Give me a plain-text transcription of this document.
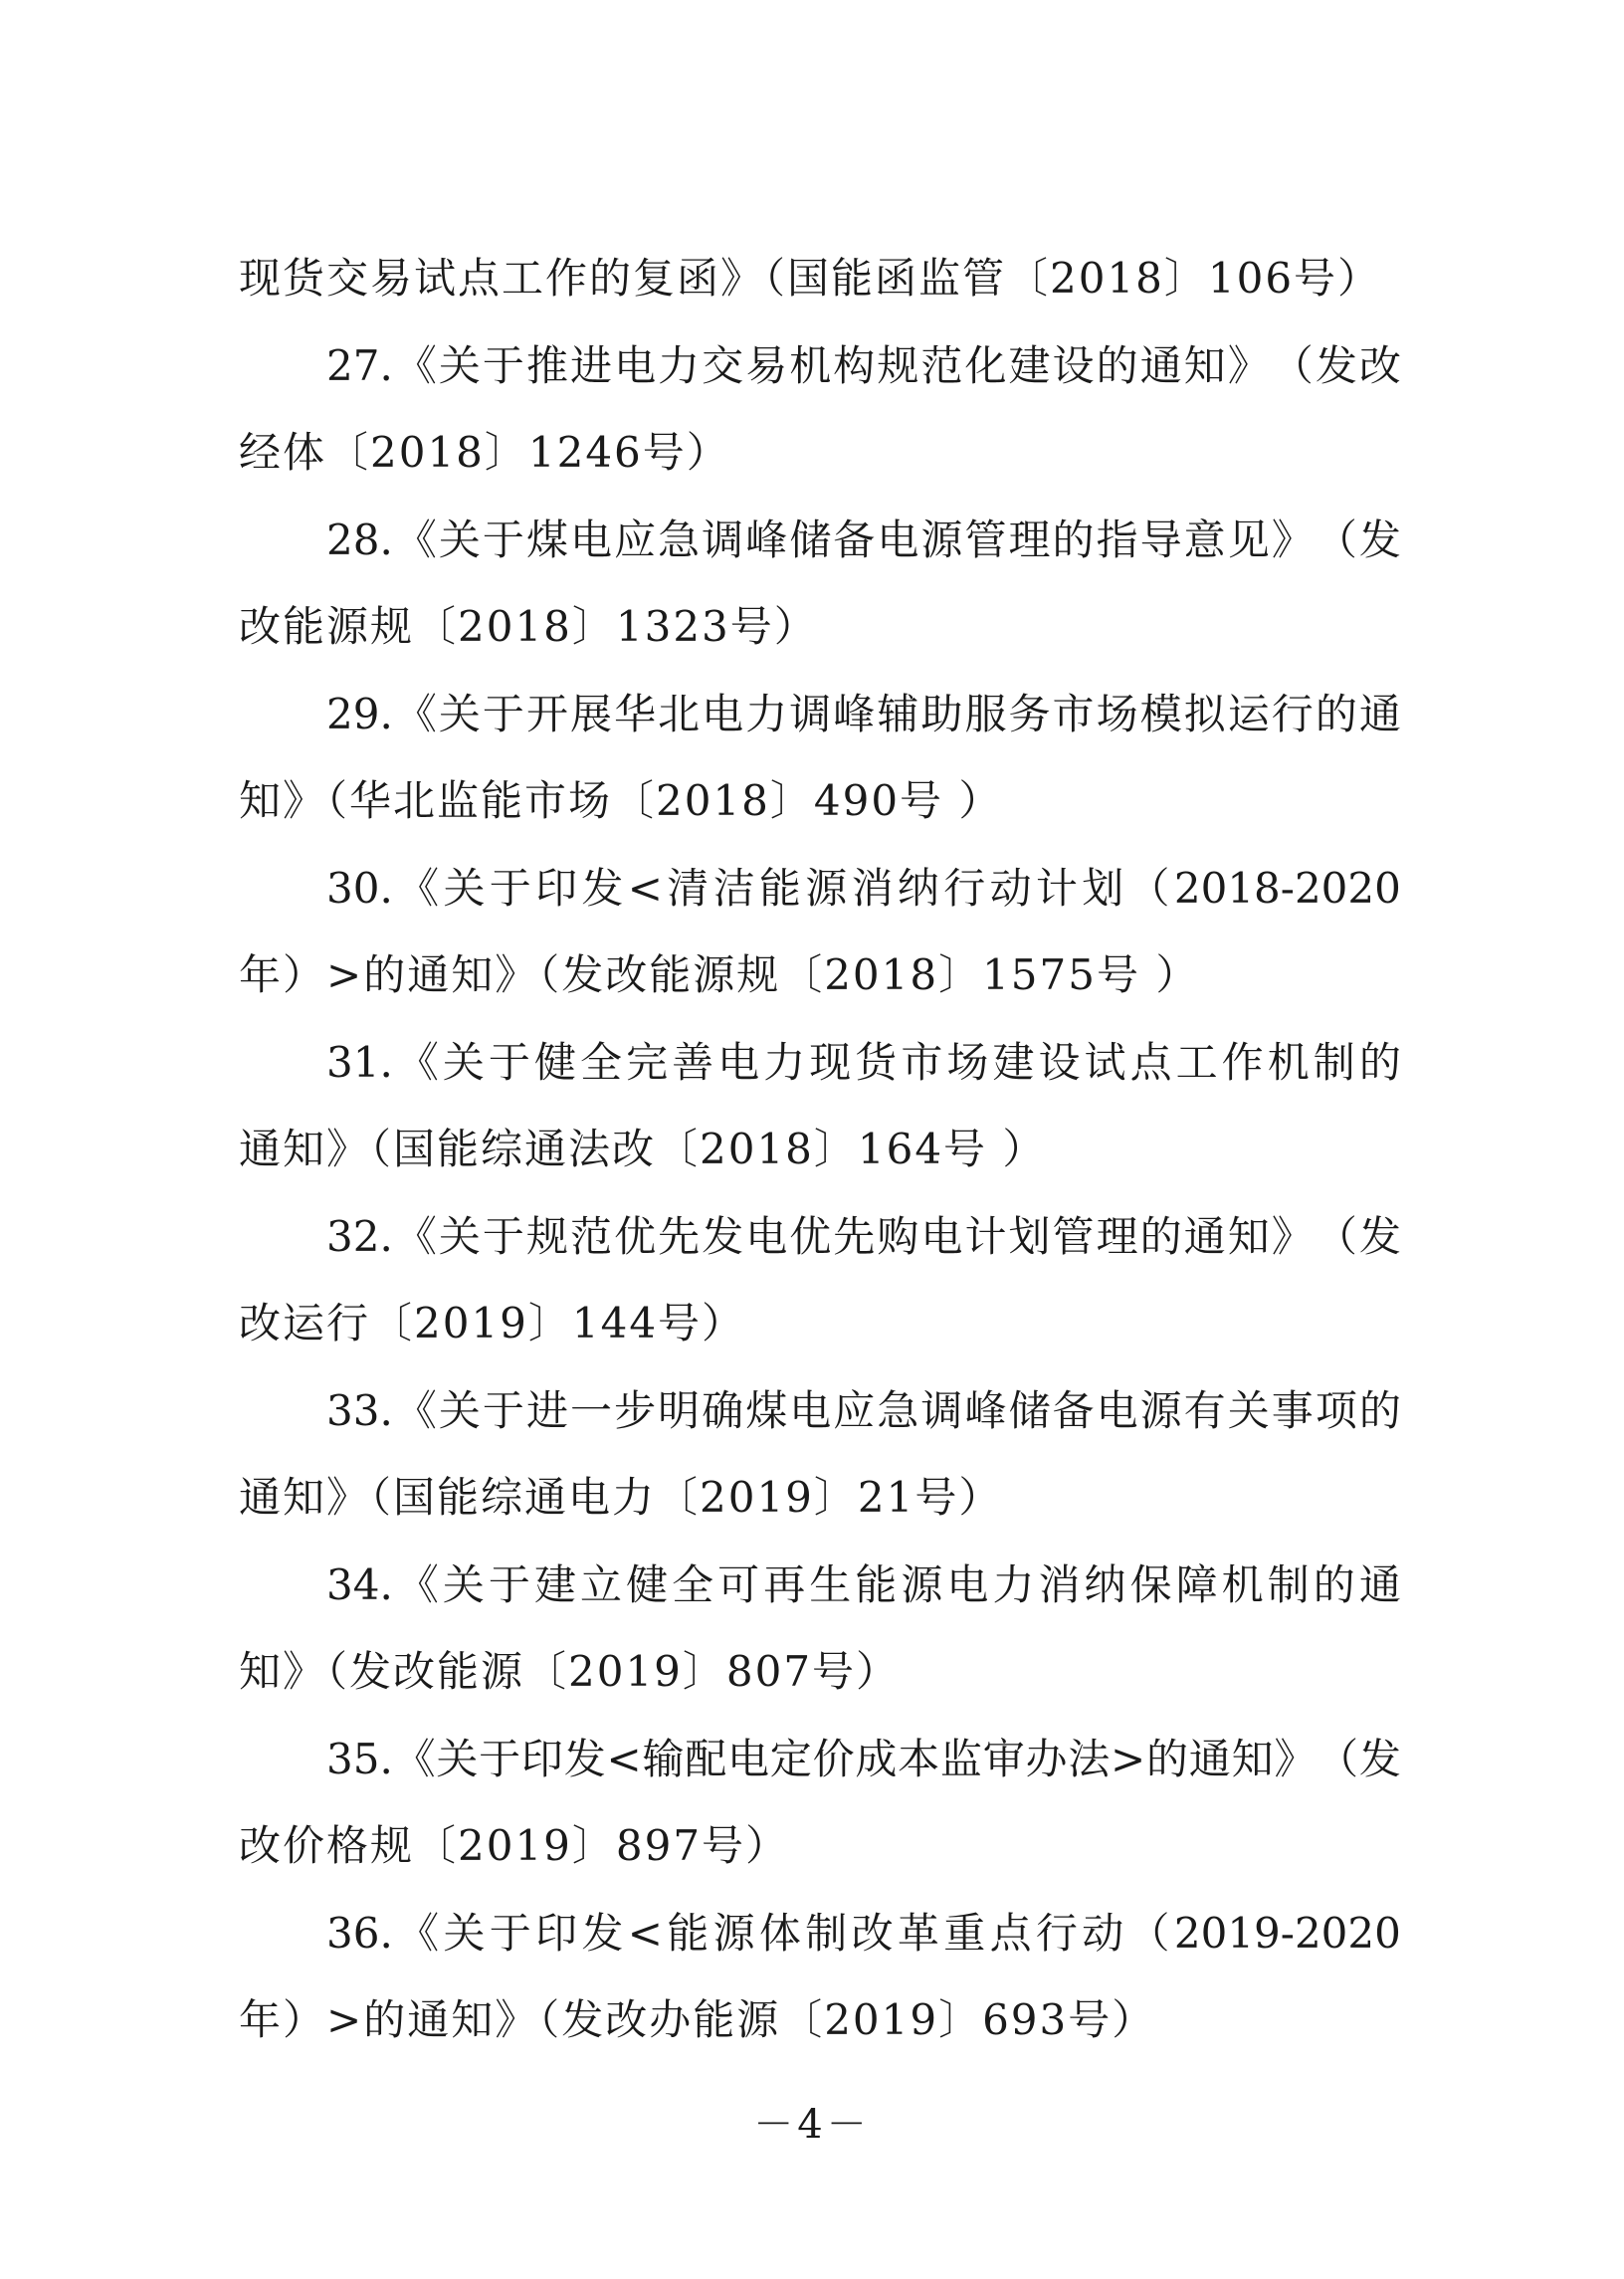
现货交易试点工作的复函》（国能函监管〔2018〕106号）
27. 《 关 于 推 进 电 力 交 易 机 构 规 范 化 建 设 的 通 知 》 （ 发 改
经体〔2018〕1246号）
28. 《 关 于 煤 电 应 急 调 峰 储 备 电 源 管 理 的 指 导 意 见 》 （ 发
改能源规〔2018〕1323号）
29. 《 关 于 开 展 华 北 电 力 调 峰 辅 助 服 务 市 场 模 拟 运 行 的 通
知》（华北监能市场〔2018〕490号 ）
30. 《 关 于 印 发 < 清 洁 能 源 消 纳 行 动 计 划 （ 2018-2020
年）>的通知》（发改能源规〔2018〕1575号 ）
31. 《 关 于 健 全 完 善 电 力 现 货 市 场 建 设 试 点 工 作 机 制 的
通知》（国能综通法改〔2018〕164号 ）
32. 《 关 于 规 范 优 先 发 电 优 先 购 电 计 划 管 理 的 通 知 》 （ 发
改运行〔2019〕144号）
33. 《 关 于 进 一 步 明 确 煤 电 应 急 调 峰 储 备 电 源 有 关 事 项 的
通知》（国能综通电力〔2019〕21号）
34. 《 关 于 建 立 健 全 可 再 生 能 源 电 力 消 纳 保 障 机 制 的 通
知》（发改能源〔2019〕807号）
35. 《 关 于 印 发 < 输 配 电 定 价 成 本 监 审 办 法 > 的 通 知 》 （ 发
改价格规〔2019〕897号）
36. 《 关 于 印 发 < 能 源 体 制 改 革 重 点 行 动 （ 2019-2020
年）>的通知》（发改办能源〔2019〕693号）
－4－
